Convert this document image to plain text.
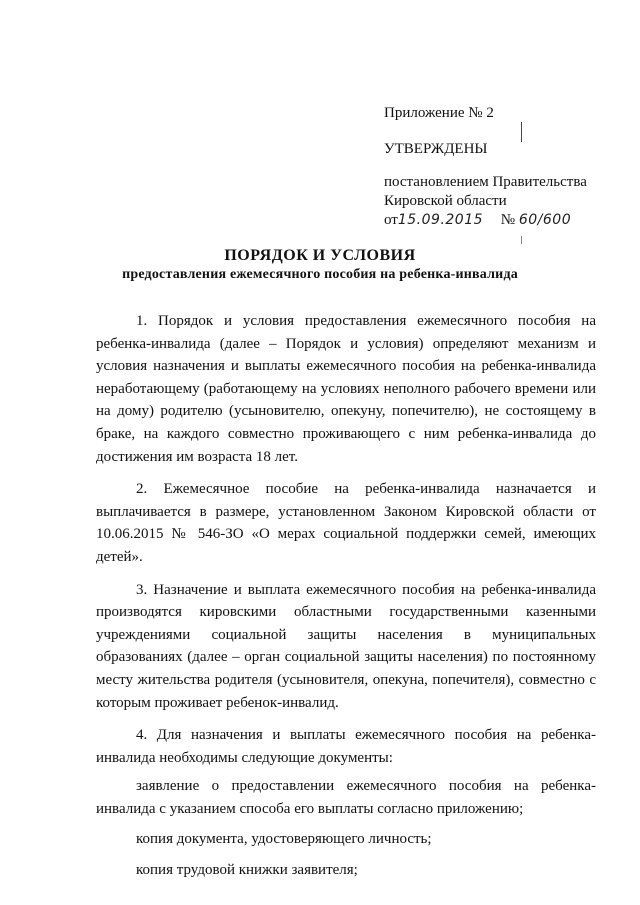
Приложение № 2
УТВЕРЖДЕНЫ
постановлением Правительства
Кировской области
от15.09.2015 № 60/600
ПОРЯДОК И УСЛОВИЯ
предоставления ежемесячного пособия на ребенка-инвалида

1. Порядок и условия предоставления ежемесячного пособия на ребенка-инвалида (далее – Порядок и условия) определяют механизм и условия назначения и выплаты ежемесячного пособия на ребенка-инвалида неработающему (работающему на условиях неполного рабочего времени или на дому) родителю (усыновителю, опекуну, попечителю), не состоящему в браке, на каждого совместно проживающего с ним ребенка-инвалида до достижения им возраста 18 лет.

2. Ежемесячное пособие на ребенка-инвалида назначается и выплачивается в размере, установленном Законом Кировской области от 10.06.2015 № 546-ЗО «О мерах социальной поддержки семей, имеющих детей».

3. Назначение и выплата ежемесячного пособия на ребенка-инвалида производятся кировскими областными государственными казенными учреждениями социальной защиты населения в муниципальных образованиях (далее – орган социальной защиты населения) по постоянному месту жительства родителя (усыновителя, опекуна, попечителя), совместно с которым проживает ребенок-инвалид.

4. Для назначения и выплаты ежемесячного пособия на ребенка-инвалида необходимы следующие документы:

заявление о предоставлении ежемесячного пособия на ребенка-инвалида с указанием способа его выплаты согласно приложению;

копия документа, удостоверяющего личность;

копия трудовой книжки заявителя;
